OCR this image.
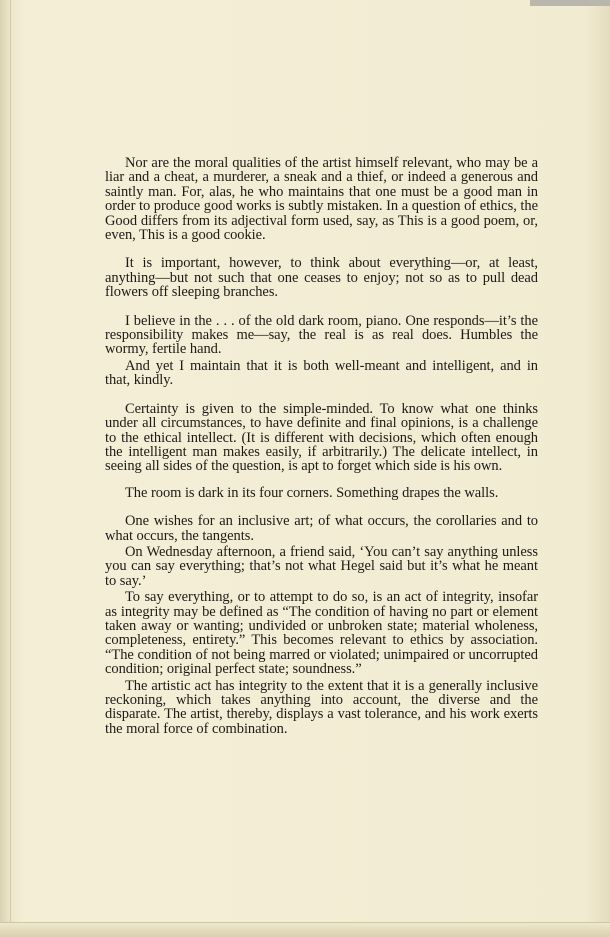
Nor are the moral qualities of the artist himself relevant, who may be a liar and a cheat, a murderer, a sneak and a thief, or indeed a generous and saintly man. For, alas, he who maintains that one must be a good man in order to produce good works is subtly mistaken. In a question of ethics, the Good differs from its adjectival form used, say, as This is a good poem, or, even, This is a good cookie.

It is important, however, to think about everything—or, at least, anything—but not such that one ceases to enjoy; not so as to pull dead flowers off sleeping branches.

I believe in the . . . of the old dark room, piano. One responds—it’s the responsibility makes me—say, the real is as real does. Humbles the wormy, fertile hand.

And yet I maintain that it is both well-meant and intelligent, and in that, kindly.

Certainty is given to the simple-minded. To know what one thinks under all circumstances, to have definite and final opinions, is a challenge to the ethical intellect. (It is different with decisions, which often enough the intelligent man makes easily, if arbitrarily.) The delicate intellect, in seeing all sides of the question, is apt to forget which side is his own.

The room is dark in its four corners. Something drapes the walls.

One wishes for an inclusive art; of what occurs, the corollaries and to what occurs, the tangents.

On Wednesday afternoon, a friend said, ‘You can’t say anything unless you can say everything; that’s not what Hegel said but it’s what he meant to say.’

To say everything, or to attempt to do so, is an act of integrity, insofar as integrity may be defined as “The condition of having no part or element taken away or wanting; undivided or unbroken state; material wholeness, completeness, entirety.” This becomes relevant to ethics by association. “The condition of not being marred or violated; unimpaired or uncorrupted condition; original perfect state; soundness.”

The artistic act has integrity to the extent that it is a generally inclusive reckoning, which takes anything into account, the diverse and the disparate. The artist, thereby, displays a vast tolerance, and his work exerts the moral force of combination.
